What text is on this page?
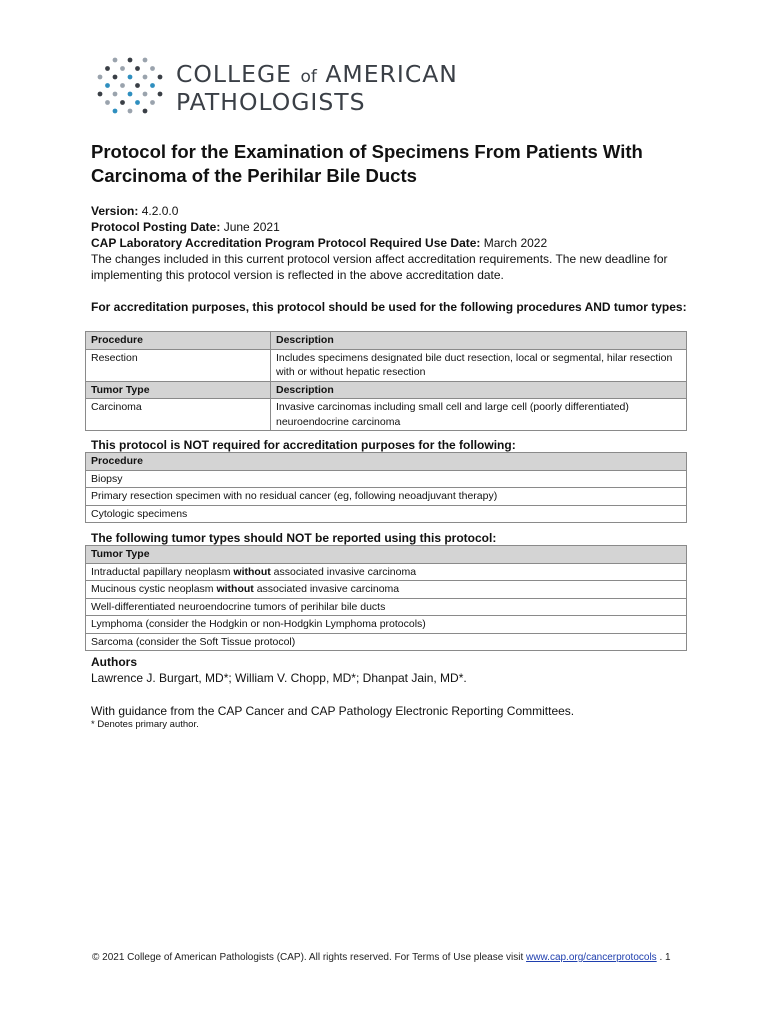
COLLEGE of AMERICAN
PATHOLOGISTS
Protocol for the Examination of Specimens From Patients With Carcinoma of the Perihilar Bile Ducts
Version: 4.2.0.0
Protocol Posting Date: June 2021
CAP Laboratory Accreditation Program Protocol Required Use Date: March 2022
The changes included in this current protocol version affect accreditation requirements. The new deadline for implementing this protocol version is reflected in the above accreditation date.
For accreditation purposes, this protocol should be used for the following procedures AND tumor types:
Procedure	Description
Resection	Includes specimens designated bile duct resection, local or segmental, hilar resection with or without hepatic resection
Tumor Type	Description
Carcinoma	Invasive carcinomas including small cell and large cell (poorly differentiated) neuroendocrine carcinoma
This protocol is NOT required for accreditation purposes for the following:
Procedure
Biopsy
Primary resection specimen with no residual cancer (eg, following neoadjuvant therapy)
Cytologic specimens
The following tumor types should NOT be reported using this protocol:
Tumor Type
Intraductal papillary neoplasm without associated invasive carcinoma
Mucinous cystic neoplasm without associated invasive carcinoma
Well-differentiated neuroendocrine tumors of perihilar bile ducts
Lymphoma (consider the Hodgkin or non-Hodgkin Lymphoma protocols)
Sarcoma (consider the Soft Tissue protocol)
Authors
Lawrence J. Burgart, MD*; William V. Chopp, MD*; Dhanpat Jain, MD*.
With guidance from the CAP Cancer and CAP Pathology Electronic Reporting Committees.
* Denotes primary author.
© 2021 College of American Pathologists (CAP). All rights reserved. For Terms of Use please visit www.cap.org/cancerprotocols . 1
